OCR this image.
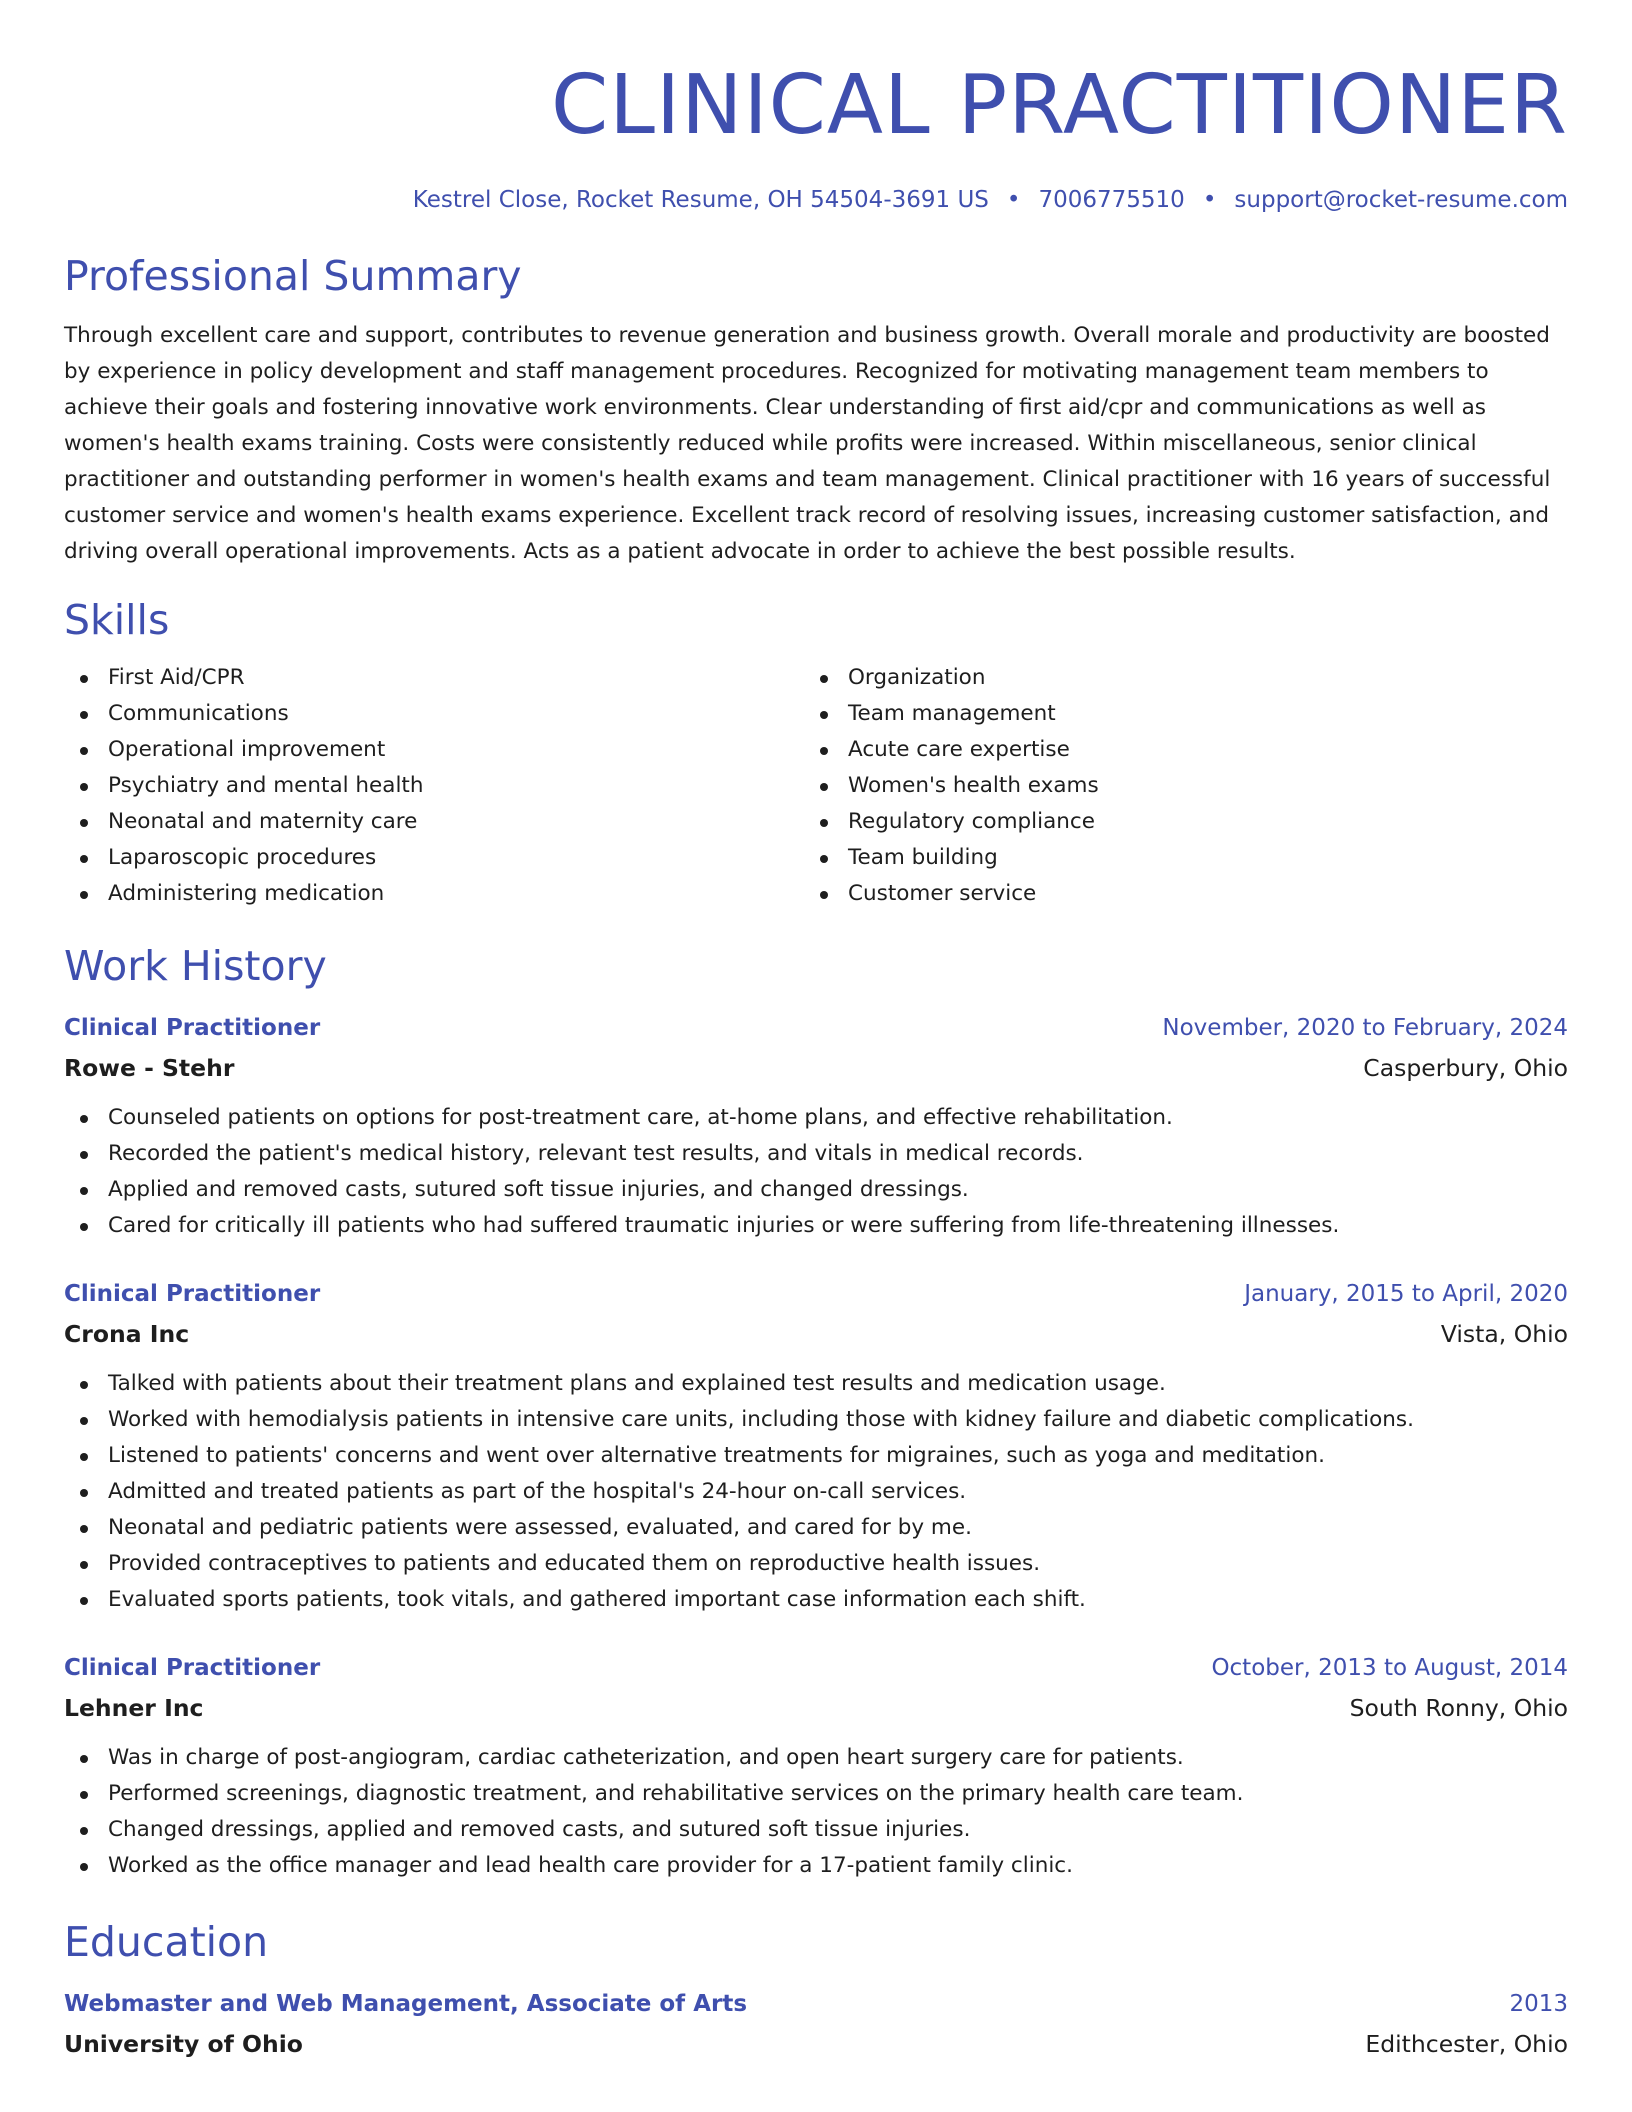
CLINICAL PRACTITIONER
Kestrel Close, Rocket Resume, OH 54504-3691 US • 7006775510 • support@rocket-resume.com
Professional Summary

Through excellent care and support, contributes to revenue generation and business growth. Overall morale and productivity are boosted by experience in policy development and staff management procedures. Recognized for motivating management team members to achieve their goals and fostering innovative work environments. Clear understanding of first aid/cpr and communications as well as women's health exams training. Costs were consistently reduced while profits were increased. Within miscellaneous, senior clinical practitioner and outstanding performer in women's health exams and team management. Clinical practitioner with 16 years of successful customer service and women's health exams experience. Excellent track record of resolving issues, increasing customer satisfaction, and driving overall operational improvements. Acts as a patient advocate in order to achieve the best possible results.

Skills
First Aid/CPR
Communications
Operational improvement
Psychiatry and mental health
Neonatal and maternity care
Laparoscopic procedures
Administering medication
Organization
Team management
Acute care expertise
Women's health exams
Regulatory compliance
Team building
Customer service
Work History
Clinical Practitioner	November, 2020 to February, 2024
Rowe - Stehr	Casperbury, Ohio
Counseled patients on options for post-treatment care, at-home plans, and effective rehabilitation.
Recorded the patient's medical history, relevant test results, and vitals in medical records.
Applied and removed casts, sutured soft tissue injuries, and changed dressings.
Cared for critically ill patients who had suffered traumatic injuries or were suffering from life-threatening illnesses.
Clinical Practitioner	January, 2015 to April, 2020
Crona Inc	Vista, Ohio
Talked with patients about their treatment plans and explained test results and medication usage.
Worked with hemodialysis patients in intensive care units, including those with kidney failure and diabetic complications.
Listened to patients' concerns and went over alternative treatments for migraines, such as yoga and meditation.
Admitted and treated patients as part of the hospital's 24-hour on-call services.
Neonatal and pediatric patients were assessed, evaluated, and cared for by me.
Provided contraceptives to patients and educated them on reproductive health issues.
Evaluated sports patients, took vitals, and gathered important case information each shift.
Clinical Practitioner	October, 2013 to August, 2014
Lehner Inc	South Ronny, Ohio
Was in charge of post-angiogram, cardiac catheterization, and open heart surgery care for patients.
Performed screenings, diagnostic treatment, and rehabilitative services on the primary health care team.
Changed dressings, applied and removed casts, and sutured soft tissue injuries.
Worked as the office manager and lead health care provider for a 17-patient family clinic.
Education
Webmaster and Web Management, Associate of Arts	2013
University of Ohio	Edithcester, Ohio
